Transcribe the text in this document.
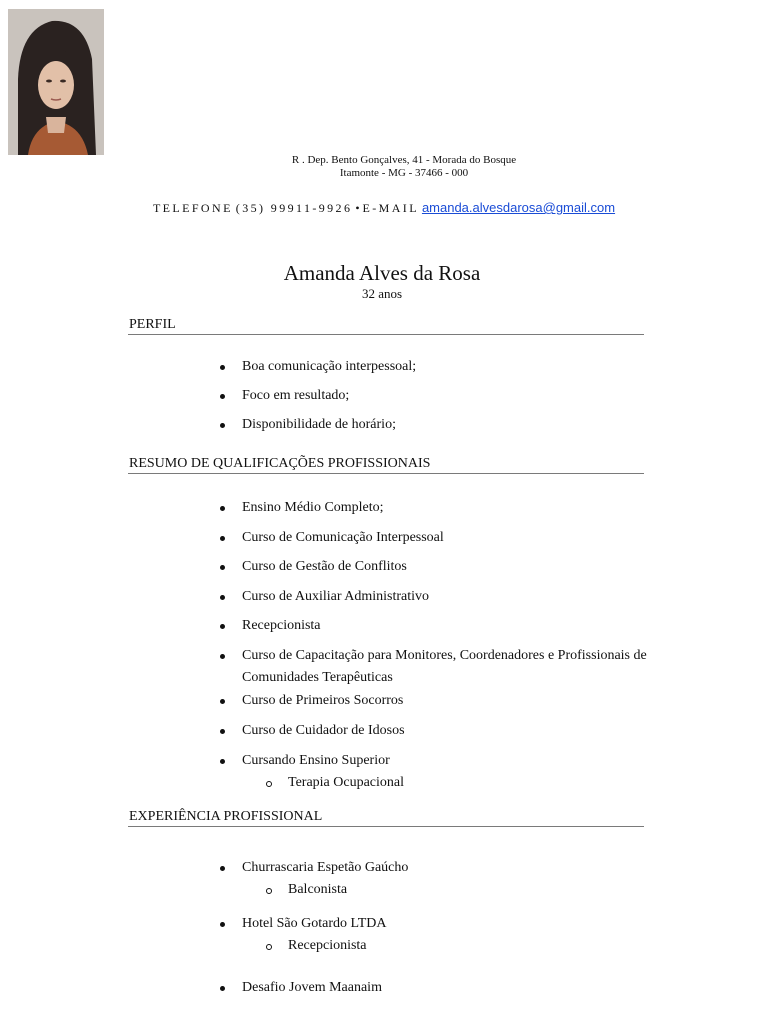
R . Dep. Bento Gonçalves, 41 - Morada do Bosque
Itamonte - MG - 37466 - 000
TELEFONE (35) 99911-9926 • E-MAIL amanda.alvesdarosa@gmail.com
Amanda Alves da Rosa
32 anos
PERFIL
Boa comunicação interpessoal;
Foco em resultado;
Disponibilidade de horário;
RESUMO DE QUALIFICAÇÕES PROFISSIONAIS
Ensino Médio Completo;
Curso de Comunicação Interpessoal
Curso de Gestão de Conflitos
Curso de Auxiliar Administrativo
Recepcionista
Curso de Capacitação para Monitores, Coordenadores e Profissionais de Comunidades Terapêuticas
Curso de Primeiros Socorros
Curso de Cuidador de Idosos
Cursando Ensino Superior
Terapia Ocupacional
EXPERIÊNCIA PROFISSIONAL
Churrascaria Espetão Gaúcho
Hotel São Gotardo LTDA
Desafio Jovem Maanaim
Balconista
Recepcionista
